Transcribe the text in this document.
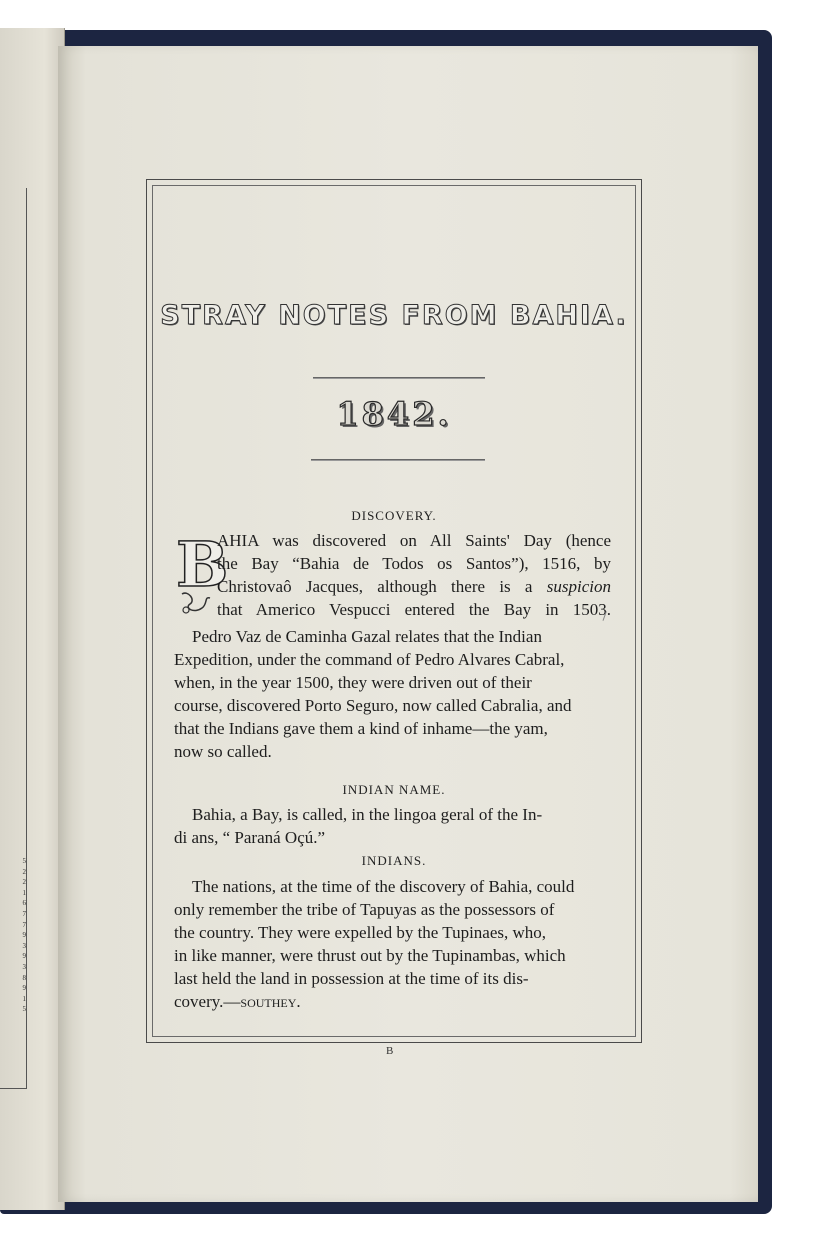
5
2
2
1
6
7
7
9
3
9
3
8
9
1
5
STRAY NOTES FROM BAHIA.
1842.
DISCOVERY.
B
AHIA was discovered on All Saints' Day (hence
the Bay “Bahia de Todos os Santos”), 1516, by
Christovaô Jacques, although there is a suspicion
that Americo Vespucci entered the Bay in 1503.
Pedro Vaz de Caminha Gazal relates that the Indian
Expedition, under the command of Pedro Alvares Cabral,
when, in the year 1500, they were driven out of their
course, discovered Porto Seguro, now called Cabralia, and
that the Indians gave them a kind of inhame—the yam,
now so called.
INDIAN NAME.
Bahia, a Bay, is called, in the lingoa geral of the In-
di ans, “ Paraná Oçú.”
INDIANS.
The nations, at the time of the discovery of Bahia, could
only remember the tribe of Tapuyas as the possessors of
the country. They were expelled by the Tupinaes, who,
in like manner, were thrust out by the Tupinambas, which
last held the land in possession at the time of its dis-
covery.—southey.
B
